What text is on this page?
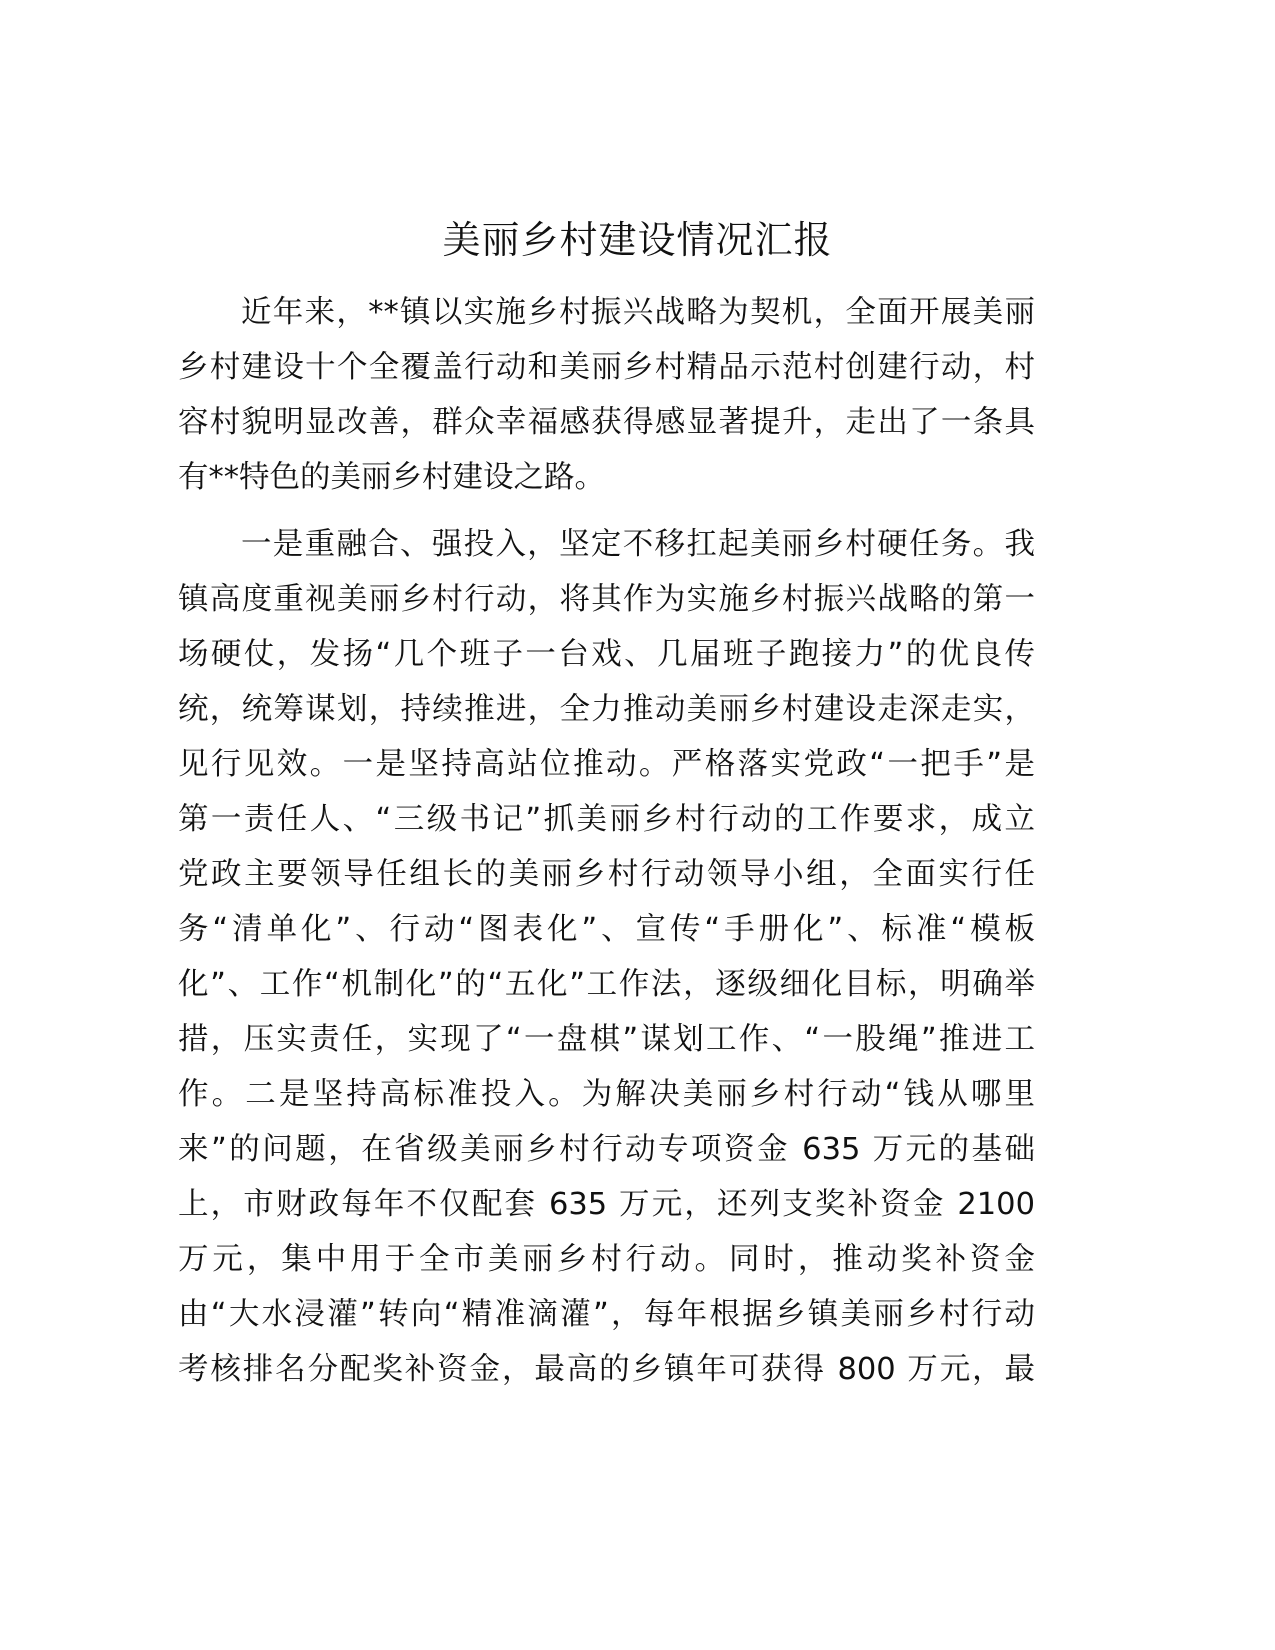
美丽乡村建设情况汇报
近年来，**镇以实施乡村振兴战略为契机，全面开展美丽
乡村建设十个全覆盖行动和美丽乡村精品示范村创建行动，村
容村貌明显改善，群众幸福感获得感显著提升，走出了一条具
有**特色的美丽乡村建设之路。
一是重融合、强投入，坚定不移扛起美丽乡村硬任务。我
镇高度重视美丽乡村行动，将其作为实施乡村振兴战略的第一
场硬仗，发扬“几个班子一台戏、几届班子跑接力”的优良传
统，统筹谋划，持续推进，全力推动美丽乡村建设走深走实，
见行见效。一是坚持高站位推动。严格落实党政“一把手”是
第一责任人、“三级书记”抓美丽乡村行动的工作要求，成立
党政主要领导任组长的美丽乡村行动领导小组，全面实行任
务“清单化”、行动“图表化”、宣传“手册化”、标准“模板
化”、工作“机制化”的“五化”工作法，逐级细化目标，明确举
措，压实责任，实现了“一盘棋”谋划工作、“一股绳”推进工
作。二是坚持高标准投入。为解决美丽乡村行动“钱从哪里
来”的问题，在省级美丽乡村行动专项资金 635 万元的基础
上，市财政每年不仅配套 635 万元，还列支奖补资金 2100
万元，集中用于全市美丽乡村行动。同时，推动奖补资金
由“大水浸灌”转向“精准滴灌”，每年根据乡镇美丽乡村行动
考核排名分配奖补资金，最高的乡镇年可获得 800 万元，最
